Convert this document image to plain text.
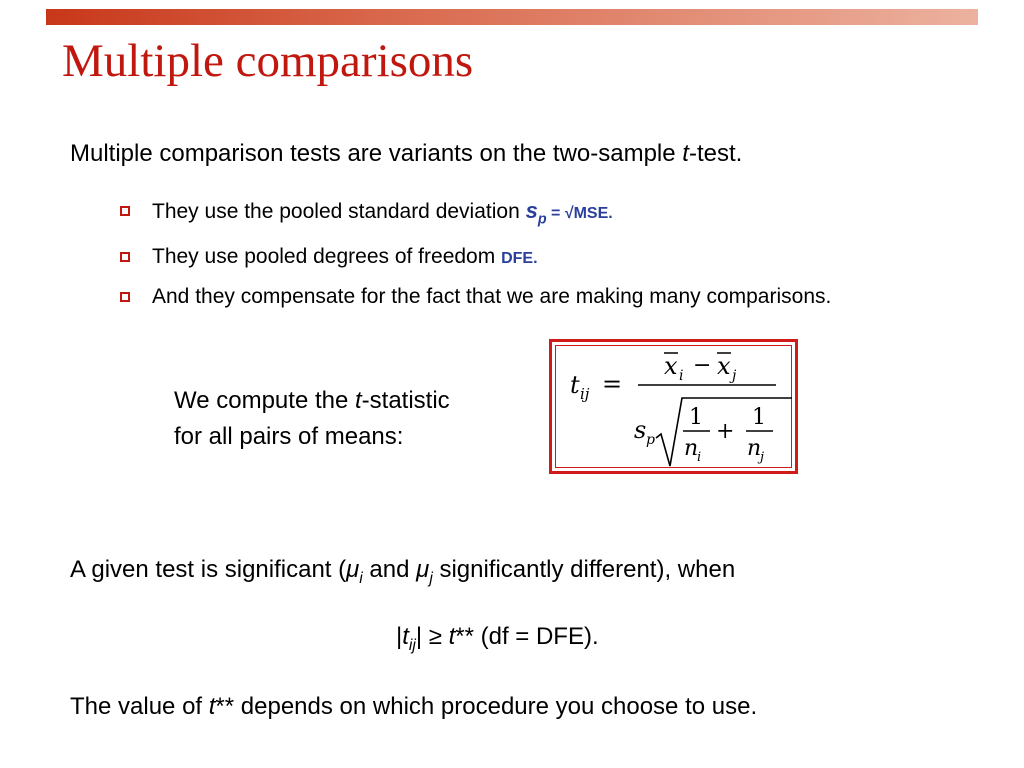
Multiple comparisons
Multiple comparison tests are variants on the two-sample t-test.
They use the pooled standard deviation $s_p = √MSE$.
They use pooled degrees of freedom DFE.
And they compensate for the fact that we are making many comparisons.
We compute the t-statistic
for all pairs of means:
t ij =
x i − x j
s p
1
n
i
+
1
n
j
A given test is significant ($\mu_i$ and $\mu_j$ significantly different), when
$|t_{ij}| \ge t**$ (df = DFE).
The value of t** depends on which procedure you choose to use.
